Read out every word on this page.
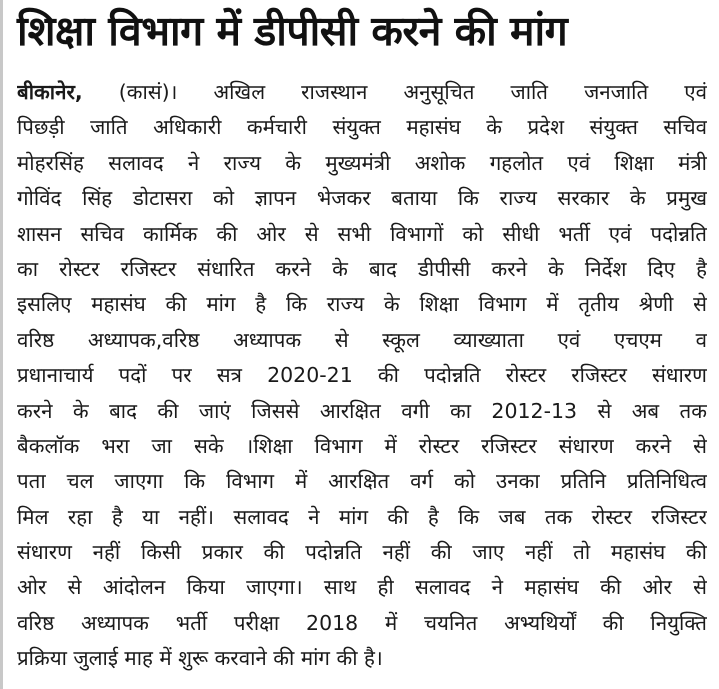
शिक्षा विभाग में डीपीसी करने की मांग
बीकानेर, (कासं)। अखिल राजस्थान अनुसूचित जाति जनजाति एवं
पिछड़ी जाति अधिकारी कर्मचारी संयुक्त महासंघ के प्रदेश संयुक्त सचिव
मोहरसिंह सलावद ने राज्य के मुख्यमंत्री अशोक गहलोत एवं शिक्षा मंत्री
गोविंद सिंह डोटासरा को ज्ञापन भेजकर बताया कि राज्य सरकार के प्रमुख
शासन सचिव कार्मिक की ओर से सभी विभागों को सीधी भर्ती एवं पदोन्नति
का रोस्टर रजिस्टर संधारित करने के बाद डीपीसी करने के निर्देश दिए है
इसलिए महासंघ की मांग है कि राज्य के शिक्षा विभाग में तृतीय श्रेणी से
वरिष्ठ अध्यापक,वरिष्ठ अध्यापक से स्कूल व्याख्याता एवं एचएम व
प्रधानाचार्य पदों पर सत्र 2020-21 की पदोन्नति रोस्टर रजिस्टर संधारण
करने के बाद की जाएं जिससे आरक्षित वगी का 2012-13 से अब तक
बैकलॉक भरा जा सके ।शिक्षा विभाग में रोस्टर रजिस्टर संधारण करने से
पता चल जाएगा कि विभाग में आरक्षित वर्ग को उनका प्रतिनि प्रतिनिधित्व
मिल रहा है या नहीं। सलावद ने मांग की है कि जब तक रोस्टर रजिस्टर
संधारण नहीं किसी प्रकार की पदोन्नति नहीं की जाए नहीं तो महासंघ की
ओर से आंदोलन किया जाएगा। साथ ही सलावद ने महासंघ की ओर से
वरिष्ठ अध्यापक भर्ती परीक्षा 2018 में चयनित अभ्यथिर्यों की नियुक्ति
प्रक्रिया जुलाई माह में शुरू करवाने की मांग की है।
